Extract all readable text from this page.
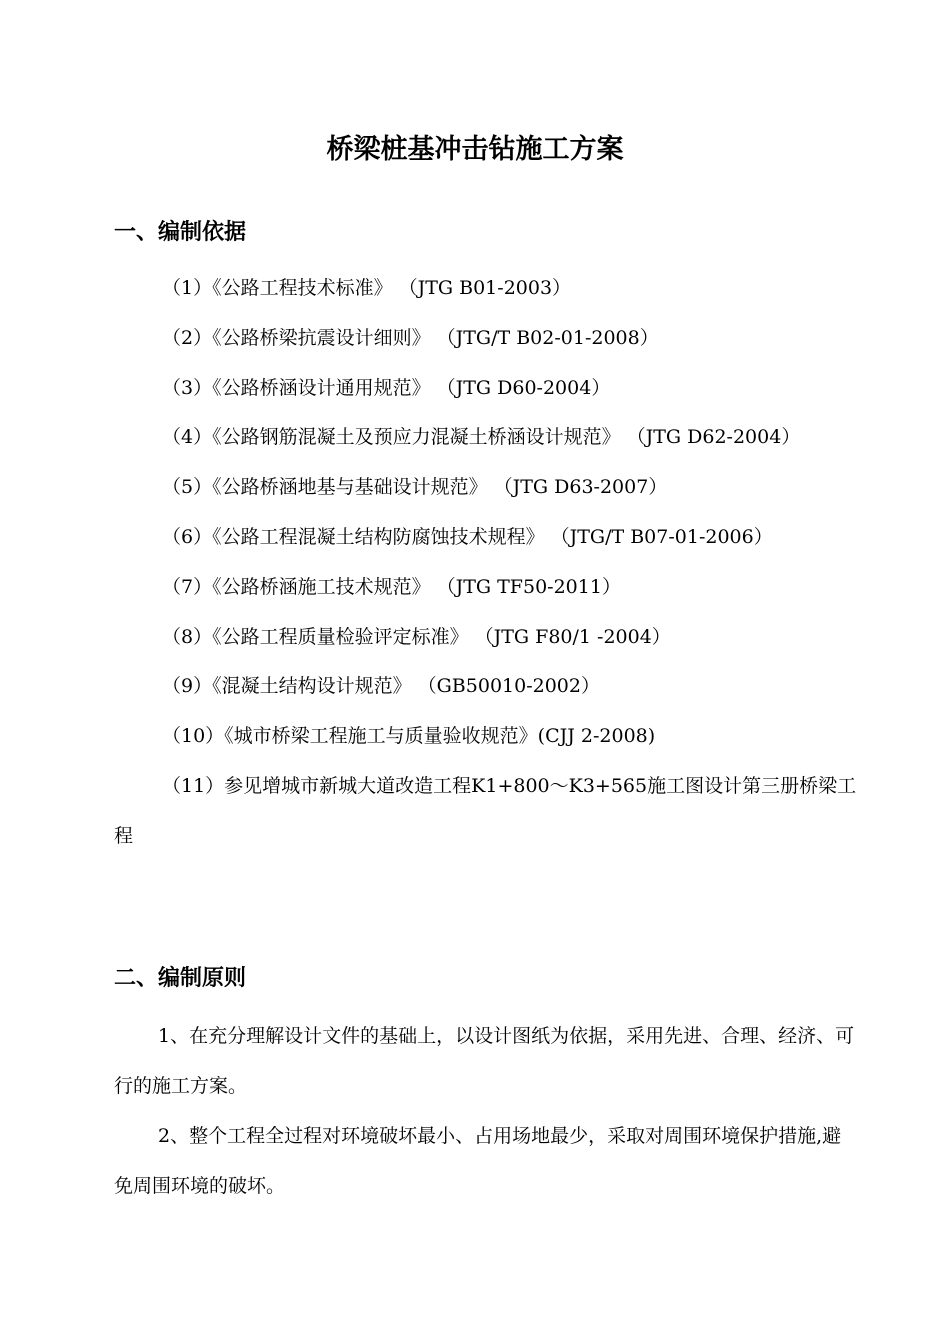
桥梁桩基冲击钻施工方案
一、编制依据
（1）《公路工程技术标准》 （JTG B01-2003）
（2）《公路桥梁抗震设计细则》 （JTG/T B02-01-2008）
（3）《公路桥涵设计通用规范》 （JTG D60-2004）
（4）《公路钢筋混凝土及预应力混凝土桥涵设计规范》 （JTG D62-2004）
（5）《公路桥涵地基与基础设计规范》 （JTG D63-2007）
（6）《公路工程混凝土结构防腐蚀技术规程》 （JTG/T B07-01-2006）
（7）《公路桥涵施工技术规范》 （JTG TF50-2011）
（8）《公路工程质量检验评定标准》 （JTG F80/1 -2004）
（9）《混凝土结构设计规范》 （GB50010-2002）
（10）《城市桥梁工程施工与质量验收规范》(CJJ 2-2008)
（11）参见增城市新城大道改造工程K1+800～K3+565施工图设计第三册桥梁工程
二、编制原则
1、在充分理解设计文件的基础上，以设计图纸为依据，采用先进、合理、经济、可行的施工方案。
2、整个工程全过程对环境破坏最小、占用场地最少，采取对周围环境保护措施,避免周围环境的破坏。
